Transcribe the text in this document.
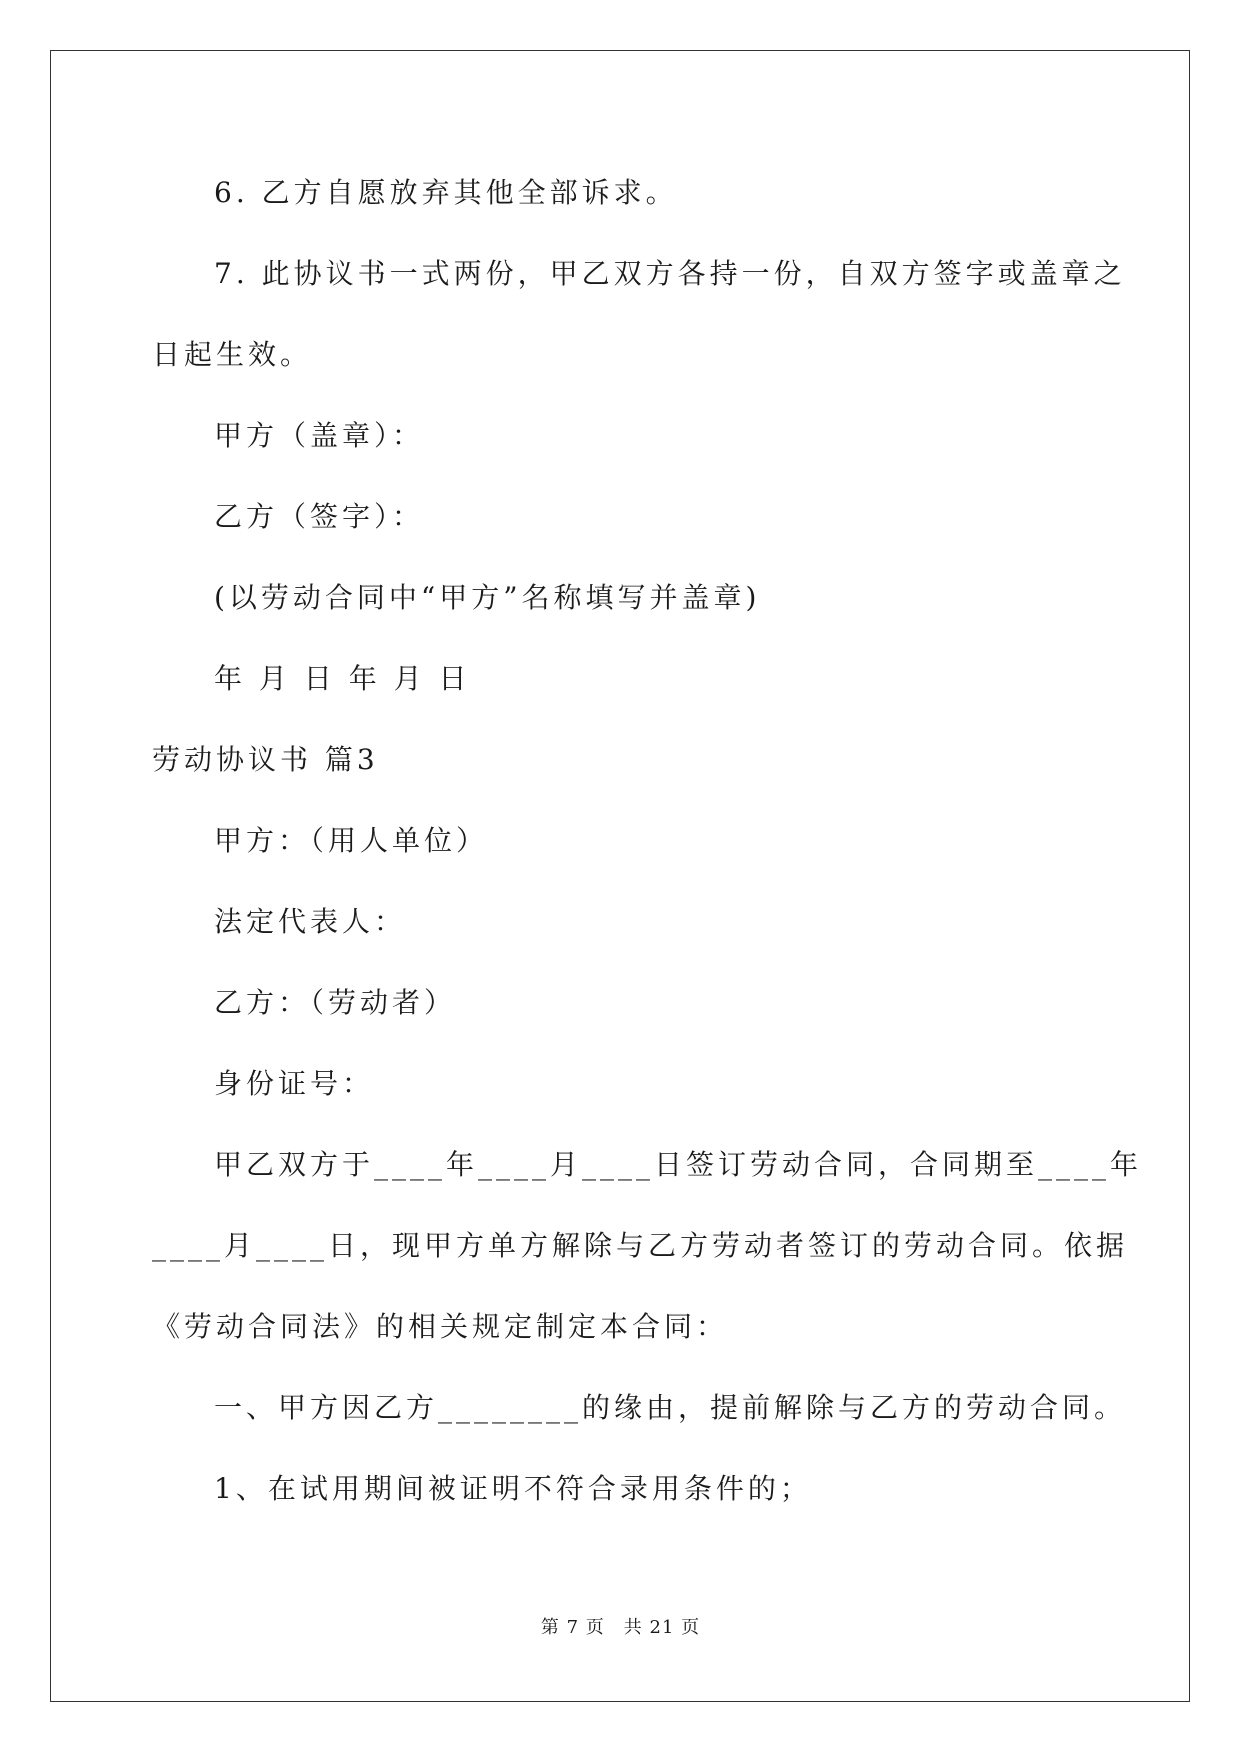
6. 乙方自愿放弃其他全部诉求。
7. 此协议书一式两份，甲乙双方各持一份，自双方签字或盖章之
日起生效。
甲方（盖章）：
乙方（签字）：
(以劳动合同中“甲方”名称填写并盖章)
年 月 日 年 月 日
劳动协议书 篇3
甲方：（用人单位）
法定代表人：
乙方：（劳动者）
身份证号：
甲乙双方于____年____月____日签订劳动合同，合同期至____年
____月____日，现甲方单方解除与乙方劳动者签订的劳动合同。依据
《劳动合同法》的相关规定制定本合同：
一、甲方因乙方________的缘由，提前解除与乙方的劳动合同。
1、在试用期间被证明不符合录用条件的；
第 7 页　共 21 页
